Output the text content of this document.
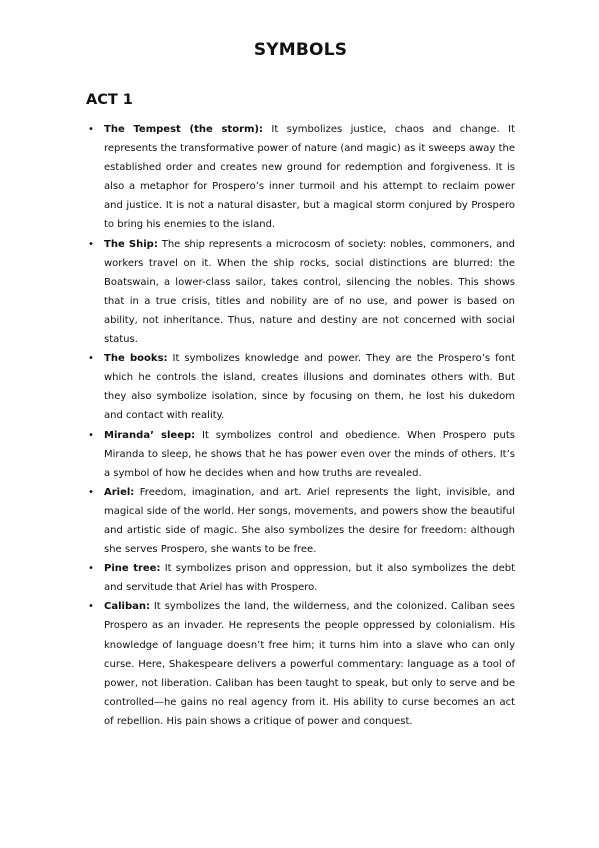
SYMBOLS
ACT 1
• The Tempest (the storm): It symbolizes justice, chaos and change. It represents the transformative power of nature (and magic) as it sweeps away the established order and creates new ground for redemption and forgiveness. It is also a metaphor for Prospero’s inner turmoil and his attempt to reclaim power and justice. It is not a natural disaster, but a magical storm conjured by Prospero to bring his enemies to the island.
• The Ship: The ship represents a microcosm of society: nobles, commoners, and workers travel on it. When the ship rocks, social distinctions are blurred: the Boatswain, a lower-class sailor, takes control, silencing the nobles. This shows that in a true crisis, titles and nobility are of no use, and power is based on ability, not inheritance. Thus, nature and destiny are not concerned with social status.
• The books: It symbolizes knowledge and power. They are the Prospero’s font which he controls the island, creates illusions and dominates others with. But they also symbolize isolation, since by focusing on them, he lost his dukedom and contact with reality.
• Miranda’ sleep: It symbolizes control and obedience. When Prospero puts Miranda to sleep, he shows that he has power even over the minds of others. It’s a symbol of how he decides when and how truths are revealed.
• Ariel: Freedom, imagination, and art. Ariel represents the light, invisible, and magical side of the world. Her songs, movements, and powers show the beautiful and artistic side of magic. She also symbolizes the desire for freedom: although she serves Prospero, she wants to be free.
• Pine tree: It symbolizes prison and oppression, but it also symbolizes the debt and servitude that Ariel has with Prospero.
• Caliban: It symbolizes the land, the wilderness, and the colonized. Caliban sees Prospero as an invader. He represents the people oppressed by colonialism. His knowledge of language doesn’t free him; it turns him into a slave who can only curse. Here, Shakespeare delivers a powerful commentary: language as a tool of power, not liberation. Caliban has been taught to speak, but only to serve and be controlled—he gains no real agency from it. His ability to curse becomes an act of rebellion. His pain shows a critique of power and conquest.
